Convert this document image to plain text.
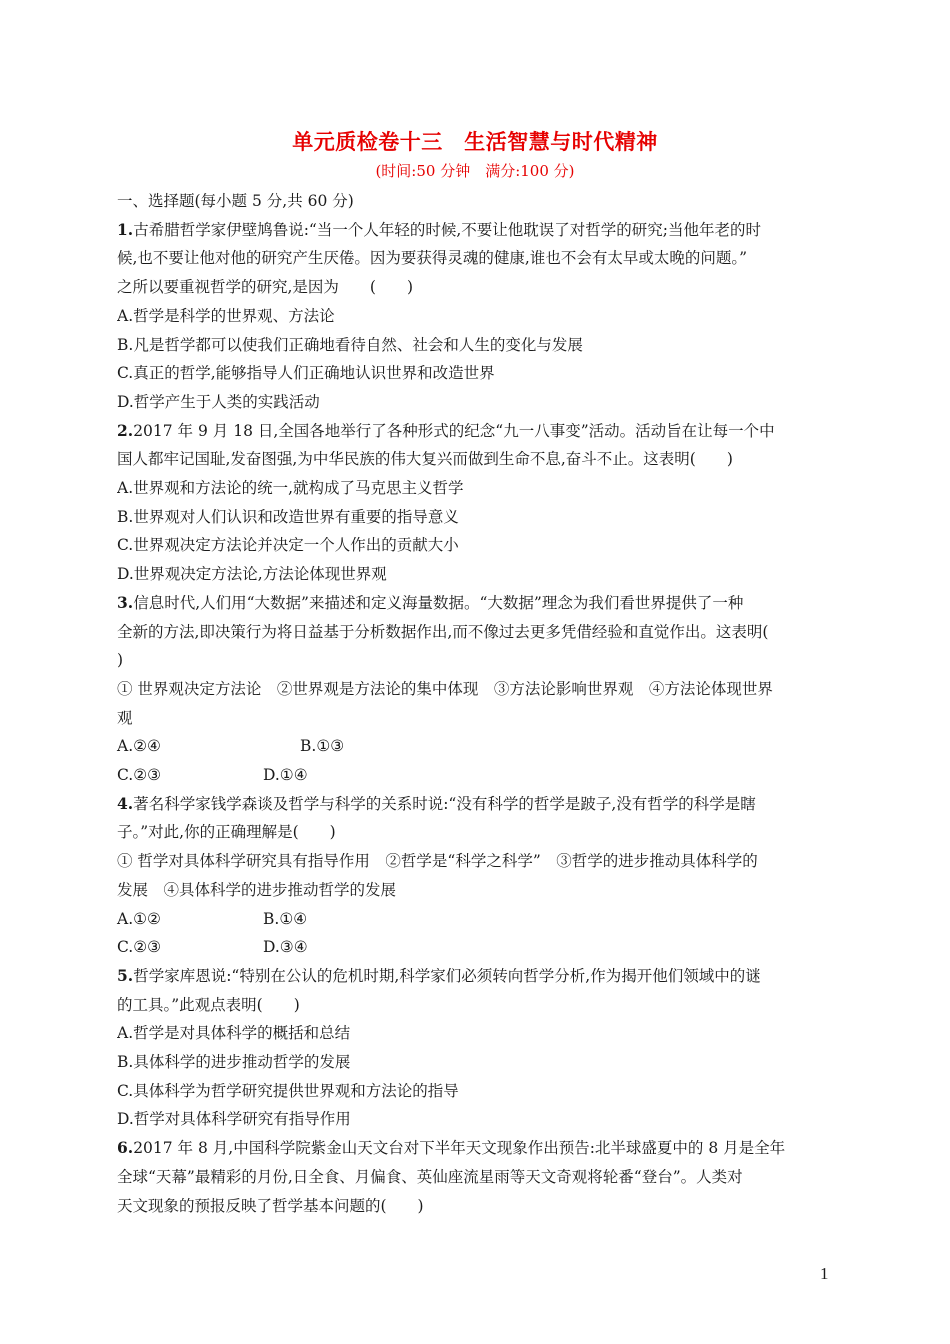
单元质检卷十三　生活智慧与时代精神
(时间:50 分钟　满分:100 分)
一、选择题(每小题 5 分,共 60 分)
1.古希腊哲学家伊壁鸠鲁说:“当一个人年轻的时候,不要让他耽误了对哲学的研究;当他年老的时
候,也不要让他对他的研究产生厌倦。因为要获得灵魂的健康,谁也不会有太早或太晚的问题。”
之所以要重视哲学的研究,是因为　　(　　)
A.哲学是科学的世界观、方法论
B.凡是哲学都可以使我们正确地看待自然、社会和人生的变化与发展
C.真正的哲学,能够指导人们正确地认识世界和改造世界
D.哲学产生于人类的实践活动
2.2017 年 9 月 18 日,全国各地举行了各种形式的纪念“九一八事变”活动。活动旨在让每一个中
国人都牢记国耻,发奋图强,为中华民族的伟大复兴而做到生命不息,奋斗不止。这表明(　　)
A.世界观和方法论的统一,就构成了马克思主义哲学
B.世界观对人们认识和改造世界有重要的指导意义
C.世界观决定方法论并决定一个人作出的贡献大小
D.世界观决定方法论,方法论体现世界观
3.信息时代,人们用“大数据”来描述和定义海量数据。“大数据”理念为我们看世界提供了一种
全新的方法,即决策行为将日益基于分析数据作出,而不像过去更多凭借经验和直觉作出。这表明(
)
① 世界观决定方法论　②世界观是方法论的集中体现　③方法论影响世界观　④方法论体现世界
观
A.②④	B.①③
C.②③	D.①④
4.著名科学家钱学森谈及哲学与科学的关系时说:“没有科学的哲学是跛子,没有哲学的科学是瞎
子。”对此,你的正确理解是(　　)
① 哲学对具体科学研究具有指导作用　②哲学是“科学之科学”　③哲学的进步推动具体科学的
发展　④具体科学的进步推动哲学的发展
A.①②	B.①④
C.②③	D.③④
5.哲学家库恩说:“特别在公认的危机时期,科学家们必须转向哲学分析,作为揭开他们领域中的谜
的工具。”此观点表明(　　)
A.哲学是对具体科学的概括和总结
B.具体科学的进步推动哲学的发展
C.具体科学为哲学研究提供世界观和方法论的指导
D.哲学对具体科学研究有指导作用
6.2017 年 8 月,中国科学院紫金山天文台对下半年天文现象作出预告:北半球盛夏中的 8 月是全年
全球“天幕”最精彩的月份,日全食、月偏食、英仙座流星雨等天文奇观将轮番“登台”。人类对
天文现象的预报反映了哲学基本问题的(　　)
1
